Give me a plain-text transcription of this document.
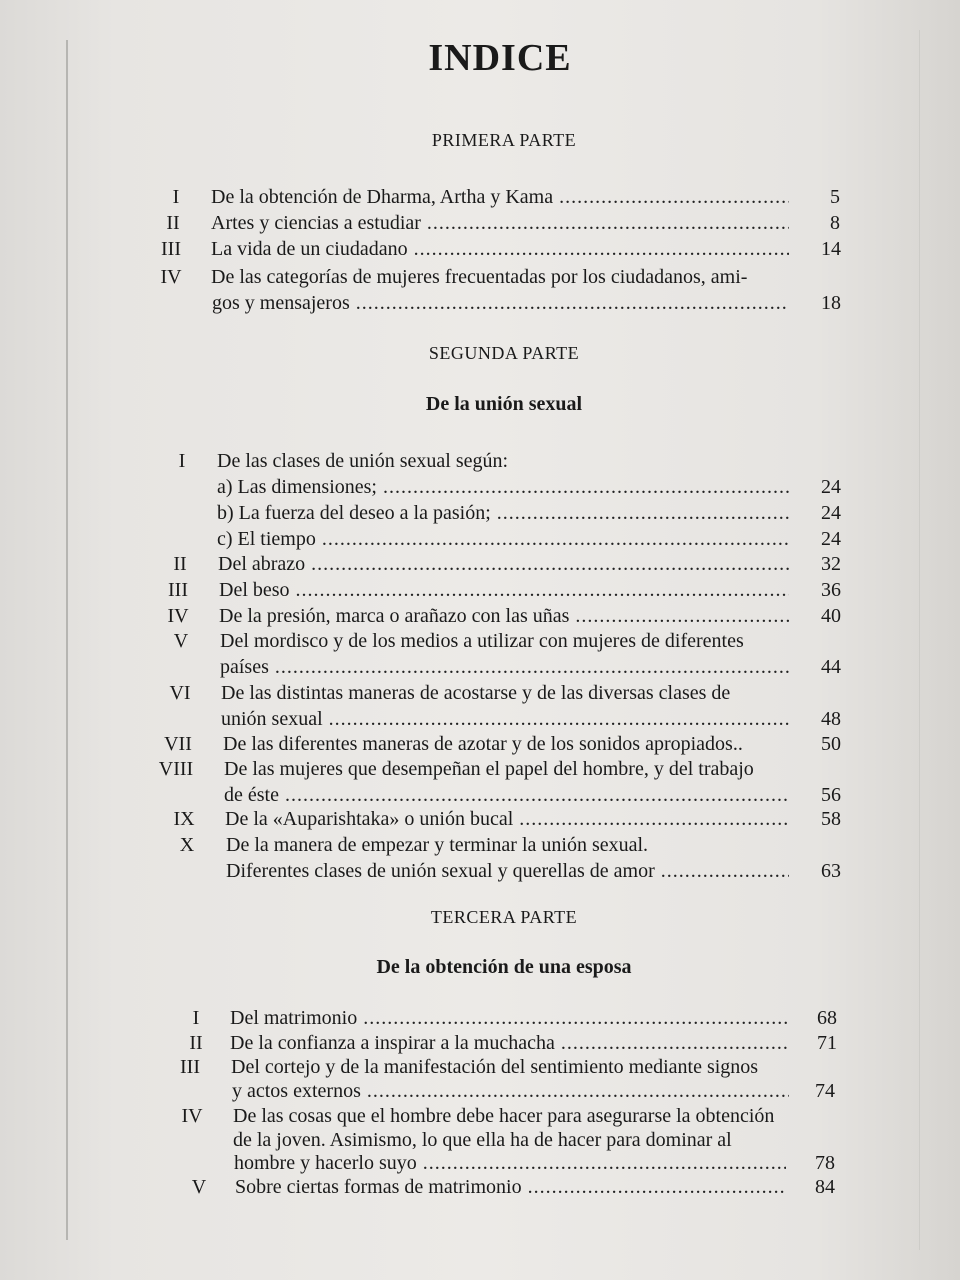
INDICE
PRIMERA PARTE
I	De la obtención de Dharma, Artha y Kama .....	5
II	Artes y ciencias a estudiar .....	8
III	La vida de un ciudadano .....	14
IV	De las categorías de mujeres frecuentadas por los ciudadanos, ami-
gos y mensajeros .....	18
SEGUNDA PARTE
De la unión sexual
I	De las clases de unión sexual según:
a) Las dimensiones; .....	24
b) La fuerza del deseo a la pasión; .....	24
c) El tiempo .....	24
II	Del abrazo .....	32
III	Del beso .....	36
IV	De la presión, marca o arañazo con las uñas .....	40
V	Del mordisco y de los medios a utilizar con mujeres de diferentes
países .....	44
VI	De las distintas maneras de acostarse y de las diversas clases de
unión sexual .....	48
VII	De las diferentes maneras de azotar y de los sonidos apropiados..	50
VIII	De las mujeres que desempeñan el papel del hombre, y del trabajo
de éste .....	56
IX	De la «Auparishtaka» o unión bucal .....	58
X	De la manera de empezar y terminar la unión sexual.
Diferentes clases de unión sexual y querellas de amor .....	63
TERCERA PARTE
De la obtención de una esposa
I	Del matrimonio .....	68
II	De la confianza a inspirar a la muchacha .....	71
III	Del cortejo y de la manifestación del sentimiento mediante signos
y actos externos .....	74
IV	De las cosas que el hombre debe hacer para asegurarse la obtención
de la joven. Asimismo, lo que ella ha de hacer para dominar al
hombre y hacerlo suyo .....	78
V	Sobre ciertas formas de matrimonio .....	84
